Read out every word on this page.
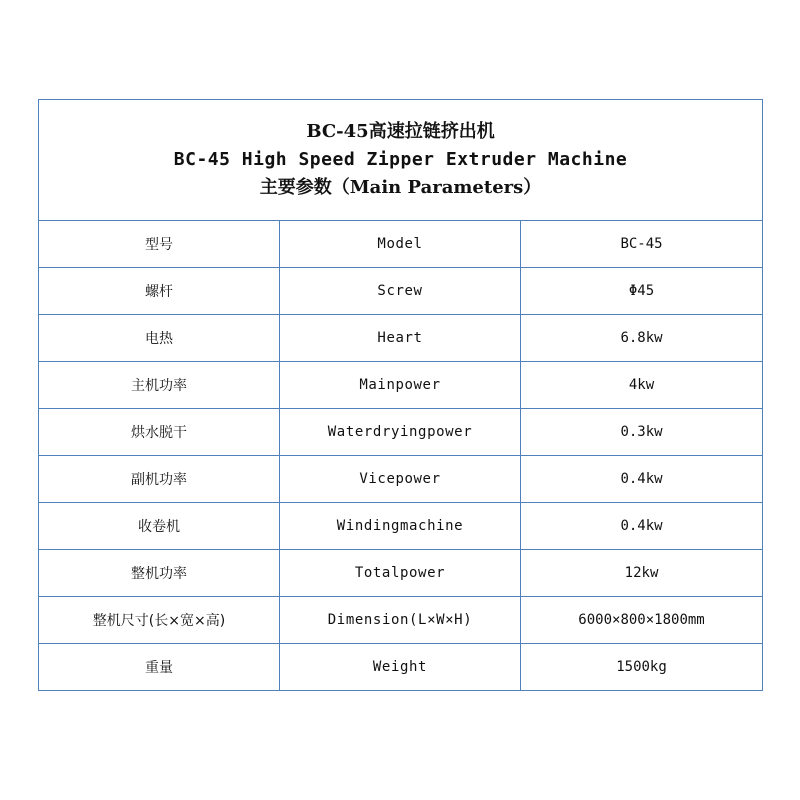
BC-45高速拉链挤出机
BC-45 High Speed Zipper Extruder Machine
主要参数（Main Parameters）		

型号	Model	BC-45
螺杆	Screw	Φ45
电热	Heart	6.8kw
主机功率	Mainpower	4kw
烘水脱干	Waterdryingpower	0.3kw
副机功率	Vicepower	0.4kw
收卷机	Windingmachine	0.4kw
整机功率	Totalpower	12kw
整机尺寸(长×宽×高)	Dimension(L×W×H)	6000×800×1800mm
重量	Weight	1500kg
